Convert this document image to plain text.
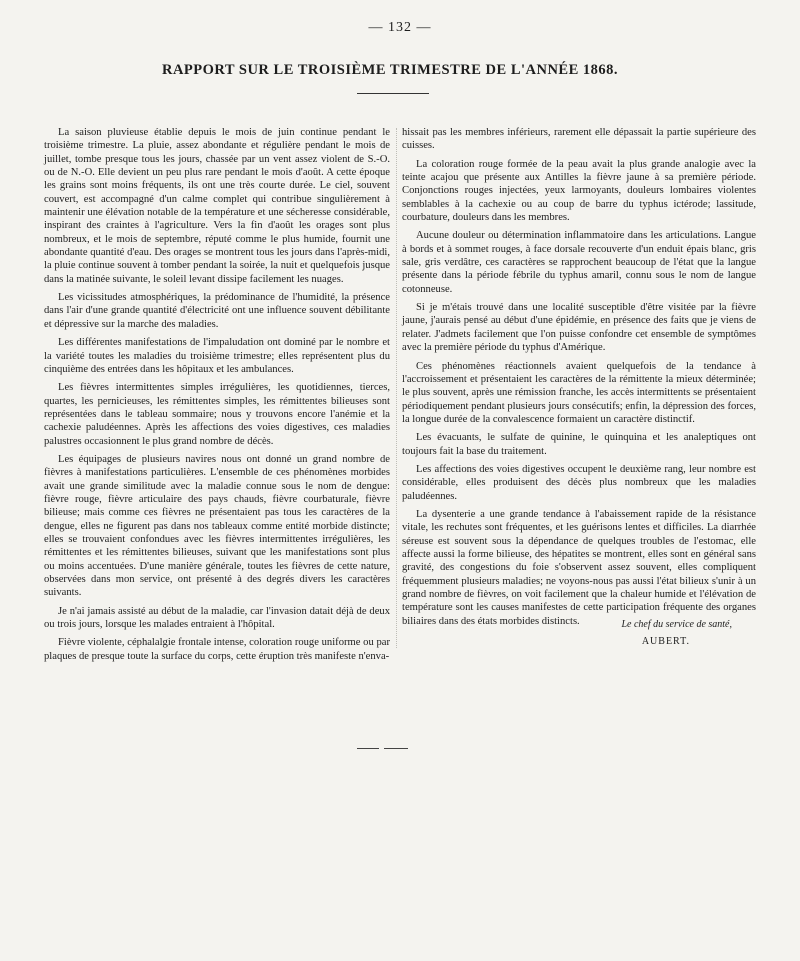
— 132 —
RAPPORT SUR LE TROISIÈME TRIMESTRE DE L'ANNÉE 1868.

La saison pluvieuse établie depuis le mois de juin continue pendant le troisième trimestre. La pluie, assez abondante et régulière pendant le mois de juillet, tombe presque tous les jours, chassée par un vent assez violent de S.-O. ou de N.-O. Elle devient un peu plus rare pendant le mois d'août. A cette époque les grains sont moins fréquents, ils ont une très courte durée. Le ciel, souvent couvert, est accompagné d'un calme complet qui contribue singulièrement à maintenir une élévation notable de la température et une sécheresse considérable, inspirant des craintes à l'agriculture. Vers la fin d'août les orages sont plus nombreux, et le mois de septembre, réputé comme le plus humide, fournit une abondante quantité d'eau. Des orages se montrent tous les jours dans l'après-midi, la pluie continue souvent à tomber pendant la soirée, la nuit et quelquefois jusque dans la matinée suivante, le soleil levant dissipe facilement les nuages.

Les vicissitudes atmosphériques, la prédominance de l'humidité, la présence dans l'air d'une grande quantité d'électricité ont une influence souvent débilitante et dépressive sur la marche des maladies.

Les différentes manifestations de l'impaludation ont dominé par le nombre et la variété toutes les maladies du troisième trimestre; elles représentent plus du cinquième des entrées dans les hôpitaux et les ambulances.

Les fièvres intermittentes simples irrégulières, les quotidiennes, tierces, quartes, les pernicieuses, les rémittentes simples, les rémittentes bilieuses sont représentées dans le tableau sommaire; nous y trouvons encore l'anémie et la cachexie paludéennes. Après les affections des voies digestives, ces maladies palustres occasionnent le plus grand nombre de décès.

Les équipages de plusieurs navires nous ont donné un grand nombre de fièvres à manifestations particulières. L'ensemble de ces phénomènes morbides avait une grande similitude avec la maladie connue sous le nom de dengue: fièvre rouge, fièvre articulaire des pays chauds, fièvre courbaturale, fièvre bilieuse; mais comme ces fièvres ne présentaient pas tous les caractères de la dengue, elles ne figurent pas dans nos tableaux comme entité morbide distincte; elles se trouvaient confondues avec les fièvres intermittentes irrégulières, les rémittentes et les rémittentes bilieuses, suivant que les manifestations sont plus ou moins accentuées. D'une manière générale, toutes les fièvres de cette nature, observées dans mon service, ont présenté à des degrés divers les caractères suivants.

Je n'ai jamais assisté au début de la maladie, car l'invasion datait déjà de deux ou trois jours, lorsque les malades entraient à l'hôpital.

Fièvre violente, céphalalgie frontale intense, coloration rouge uniforme ou par plaques de presque toute la surface du corps, cette éruption très manifeste n'enva-

hissait pas les membres inférieurs, rarement elle dépassait la partie supérieure des cuisses.

La coloration rouge formée de la peau avait la plus grande analogie avec la teinte acajou que présente aux Antilles la fièvre jaune à sa première période. Conjonctions rouges injectées, yeux larmoyants, douleurs lombaires violentes semblables à la cachexie ou au coup de barre du typhus ictérode; lassitude, courbature, douleurs dans les membres.

Aucune douleur ou détermination inflammatoire dans les articulations. Langue à bords et à sommet rouges, à face dorsale recouverte d'un enduit épais blanc, gris sale, gris verdâtre, ces caractères se rapprochent beaucoup de l'état que la langue présente dans la période fébrile du typhus amaril, connu sous le nom de langue cotonneuse.

Si je m'étais trouvé dans une localité susceptible d'être visitée par la fièvre jaune, j'aurais pensé au début d'une épidémie, en présence des faits que je viens de relater. J'admets facilement que l'on puisse confondre cet ensemble de symptômes avec la première période du typhus d'Amérique.

Ces phénomènes réactionnels avaient quelquefois de la tendance à l'accroissement et présentaient les caractères de la rémittente la mieux déterminée; le plus souvent, après une rémission franche, les accès intermittents se présentaient périodiquement pendant plusieurs jours consécutifs; enfin, la dépression des forces, la longue durée de la convalescence formaient un caractère distinctif.

Les évacuants, le sulfate de quinine, le quinquina et les analeptiques ont toujours fait la base du traitement.

Les affections des voies digestives occupent le deuxième rang, leur nombre est considérable, elles produisent des décès plus nombreux que les maladies paludéennes.

La dysenterie a une grande tendance à l'abaissement rapide de la résistance vitale, les rechutes sont fréquentes, et les guérisons lentes et difficiles. La diarrhée séreuse est souvent sous la dépendance de quelques troubles de l'estomac, elle affecte aussi la forme bilieuse, des hépatites se montrent, elles sont en général sans gravité, des congestions du foie s'observent assez souvent, elles compliquent fréquemment plusieurs maladies; ne voyons-nous pas aussi l'état bilieux s'unir à un grand nombre de fièvres, on voit facilement que la chaleur humide et l'élévation de température sont les causes manifestes de cette participation fréquente des organes biliaires dans des états morbides distincts.	Le chef du service de santé,
AUBERT.
